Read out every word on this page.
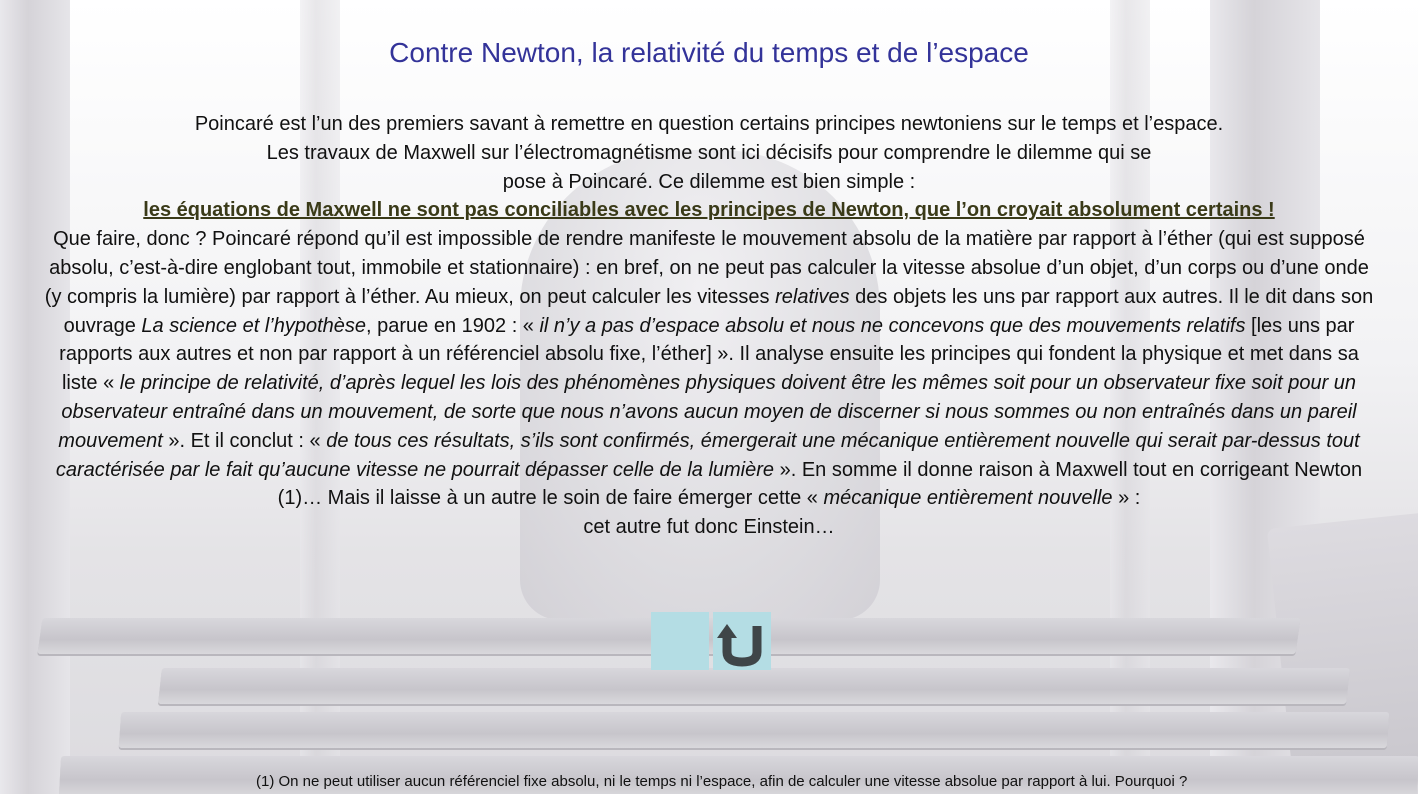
Contre Newton, la relativité du temps et de l’espace

Poincaré est l’un des premiers savant à remettre en question certains principes newtoniens sur le temps et l’espace.

Les travaux de Maxwell sur l’électromagnétisme sont ici décisifs pour comprendre le dilemme qui se

pose à Poincaré. Ce dilemme est bien simple :

les équations de Maxwell ne sont pas conciliables avec les principes de Newton, que l’on croyait absolument certains !

Que faire, donc ? Poincaré répond qu’il est impossible de rendre manifeste le mouvement absolu de la matière par rapport à l’éther (qui est supposé absolu, c’est-à-dire englobant tout, immobile et stationnaire) : en bref, on ne peut pas calculer la vitesse absolue d’un objet, d’un corps ou d’une onde (y compris la lumière) par rapport à l’éther. Au mieux, on peut calculer les vitesses relatives des objets les uns par rapport aux autres. Il le dit dans son ouvrage La science et l’hypothèse, parue en 1902 : « il n’y a pas d’espace absolu et nous ne concevons que des mouvements relatifs [les uns par rapports aux autres et non par rapport à un référenciel absolu fixe, l’éther] ». Il analyse ensuite les principes qui fondent la physique et met dans sa liste « le principe de relativité, d’après lequel les lois des phénomènes physiques doivent être les mêmes soit pour un observateur fixe soit pour un observateur entraîné dans un mouvement, de sorte que nous n’avons aucun moyen de discerner si nous sommes ou non entraînés dans un pareil mouvement ». Et il conclut : « de tous ces résultats, s’ils sont confirmés, émergerait une mécanique entièrement nouvelle qui serait par-dessus tout caractérisée par le fait qu’aucune vitesse ne pourrait dépasser celle de la lumière ». En somme il donne raison à Maxwell tout en corrigeant Newton (1)… Mais il laisse à un autre le soin de faire émerger cette « mécanique entièrement nouvelle » :

cet autre fut donc Einstein…

(1) On ne peut utiliser aucun référenciel fixe absolu, ni le temps ni l’espace, afin de calculer une vitesse absolue par rapport à lui. Pourquoi ?
